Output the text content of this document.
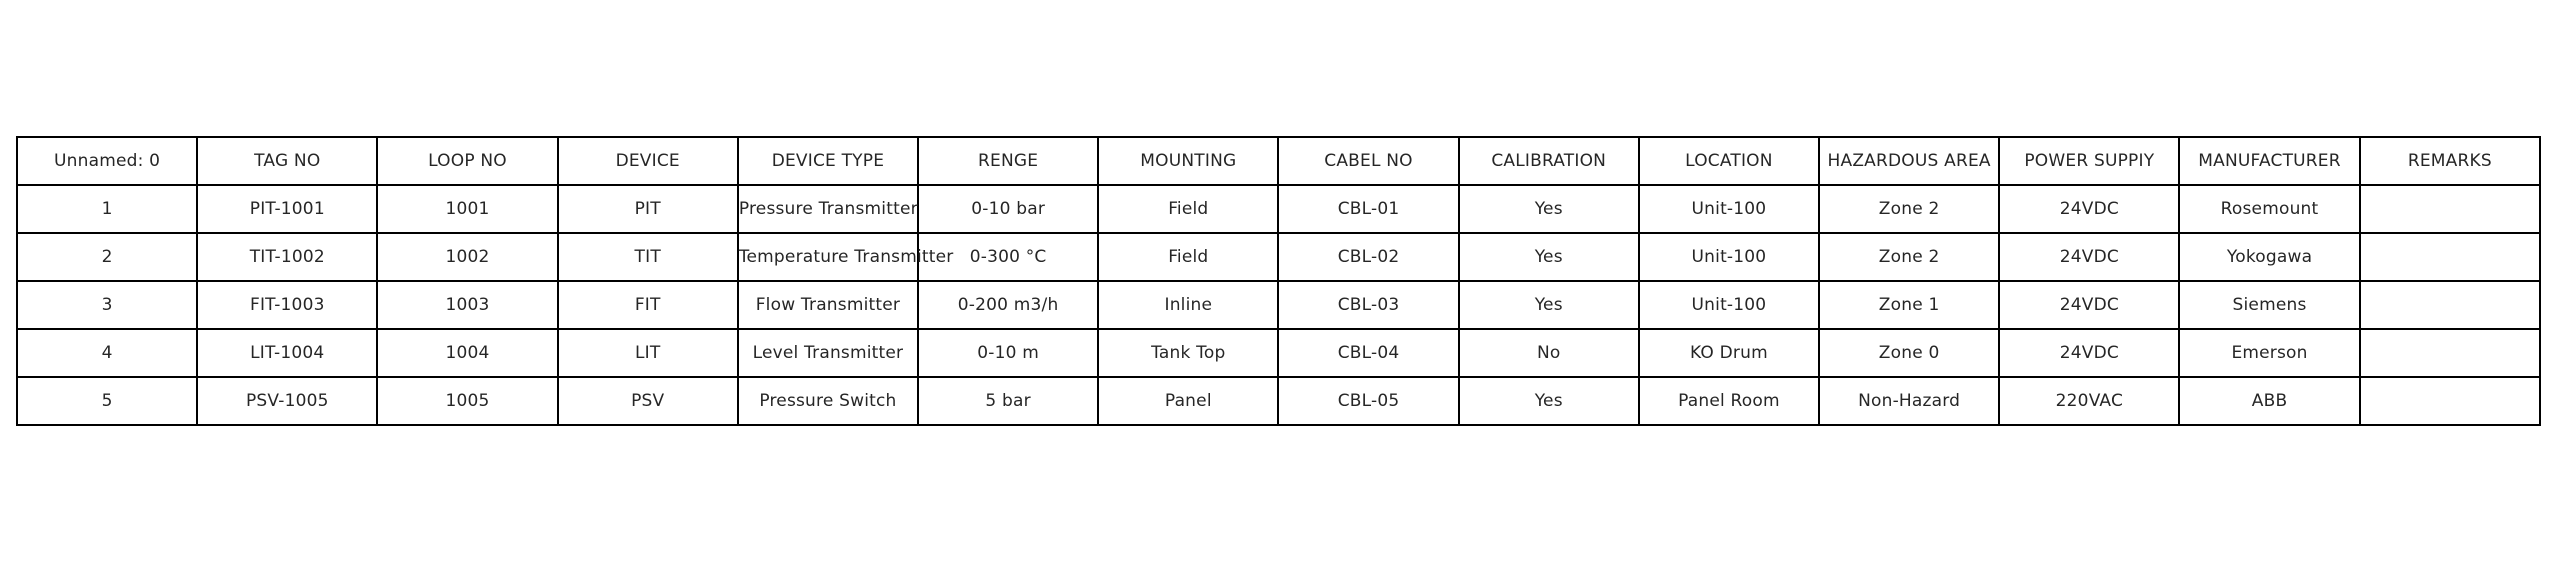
Unnamed: 0	TAG NO	LOOP NO	DEVICE	DEVICE TYPE	RENGE	MOUNTING	CABEL NO	CALIBRATION	LOCATION	HAZARDOUS AREA	POWER SUPPIY	MANUFACTURER	REMARKS

1	PIT-1001	1001	PIT	Pressure Transmitter	0-10 bar	Field	CBL-01	Yes	Unit-100	Zone 2	24VDC	Rosemount	

2	TIT-1002	1002	TIT	Temperature Transmitter	0-300 °C	Field	CBL-02	Yes	Unit-100	Zone 2	24VDC	Yokogawa	

3	FIT-1003	1003	FIT	Flow Transmitter	0-200 m3/h	Inline	CBL-03	Yes	Unit-100	Zone 1	24VDC	Siemens	

4	LIT-1004	1004	LIT	Level Transmitter	0-10 m	Tank Top	CBL-04	No	KO Drum	Zone 0	24VDC	Emerson	

5	PSV-1005	1005	PSV	Pressure Switch	5 bar	Panel	CBL-05	Yes	Panel Room	Non-Hazard	220VAC	ABB	
